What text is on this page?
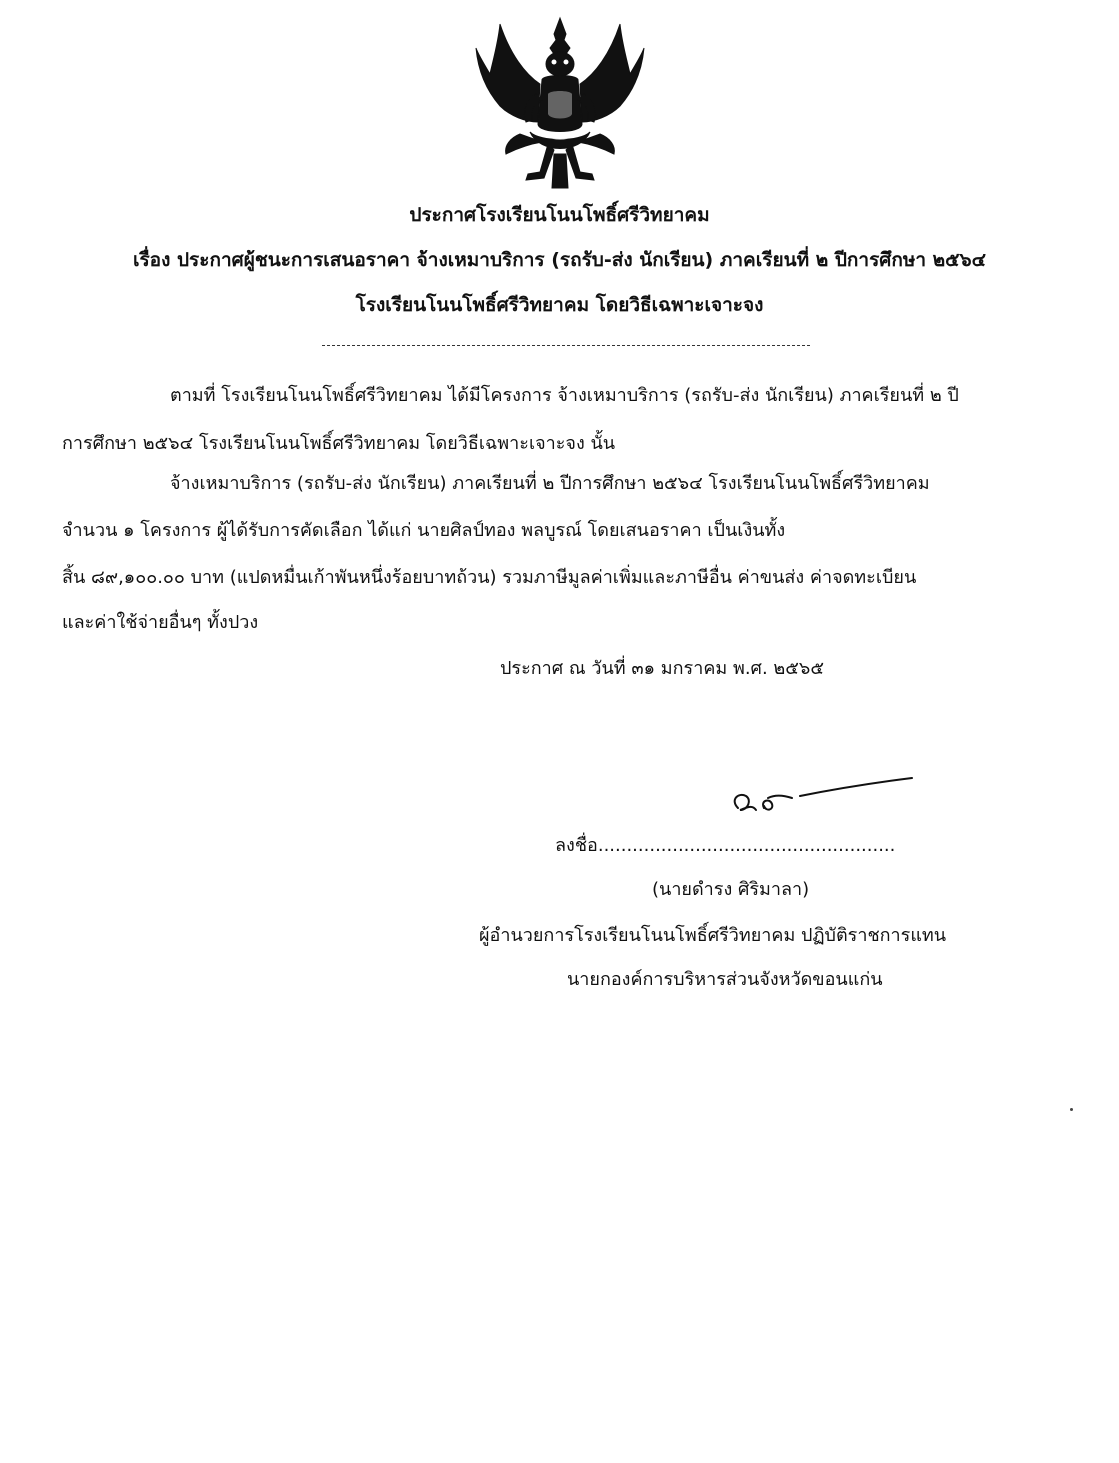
ประกาศโรงเรียนโนนโพธิ์ศรีวิทยาคม
เรื่อง ประกาศผู้ชนะการเสนอราคา จ้างเหมาบริการ (รถรับ-ส่ง นักเรียน) ภาคเรียนที่ ๒ ปีการศึกษา ๒๕๖๔
โรงเรียนโนนโพธิ์ศรีวิทยาคม โดยวิธีเฉพาะเจาะจง
ตามที่ โรงเรียนโนนโพธิ์ศรีวิทยาคม ได้มีโครงการ จ้างเหมาบริการ (รถรับ-ส่ง นักเรียน) ภาคเรียนที่ ๒ ปี
การศึกษา ๒๕๖๔ โรงเรียนโนนโพธิ์ศรีวิทยาคม โดยวิธีเฉพาะเจาะจง นั้น
จ้างเหมาบริการ (รถรับ-ส่ง นักเรียน) ภาคเรียนที่ ๒ ปีการศึกษา ๒๕๖๔ โรงเรียนโนนโพธิ์ศรีวิทยาคม
จำนวน ๑ โครงการ ผู้ได้รับการคัดเลือก ได้แก่ นายศิลป์ทอง พลบูรณ์ โดยเสนอราคา เป็นเงินทั้ง
สิ้น ๘๙,๑๐๐.๐๐ บาท (แปดหมื่นเก้าพันหนึ่งร้อยบาทถ้วน) รวมภาษีมูลค่าเพิ่มและภาษีอื่น ค่าขนส่ง ค่าจดทะเบียน
และค่าใช้จ่ายอื่นๆ ทั้งปวง
ประกาศ ณ วันที่ ๓๑ มกราคม พ.ศ. ๒๕๖๕
ลงชื่อ....................................................
(นายดำรง ศิริมาลา)
ผู้อำนวยการโรงเรียนโนนโพธิ์ศรีวิทยาคม ปฏิบัติราชการแทน
นายกองค์การบริหารส่วนจังหวัดขอนแก่น
